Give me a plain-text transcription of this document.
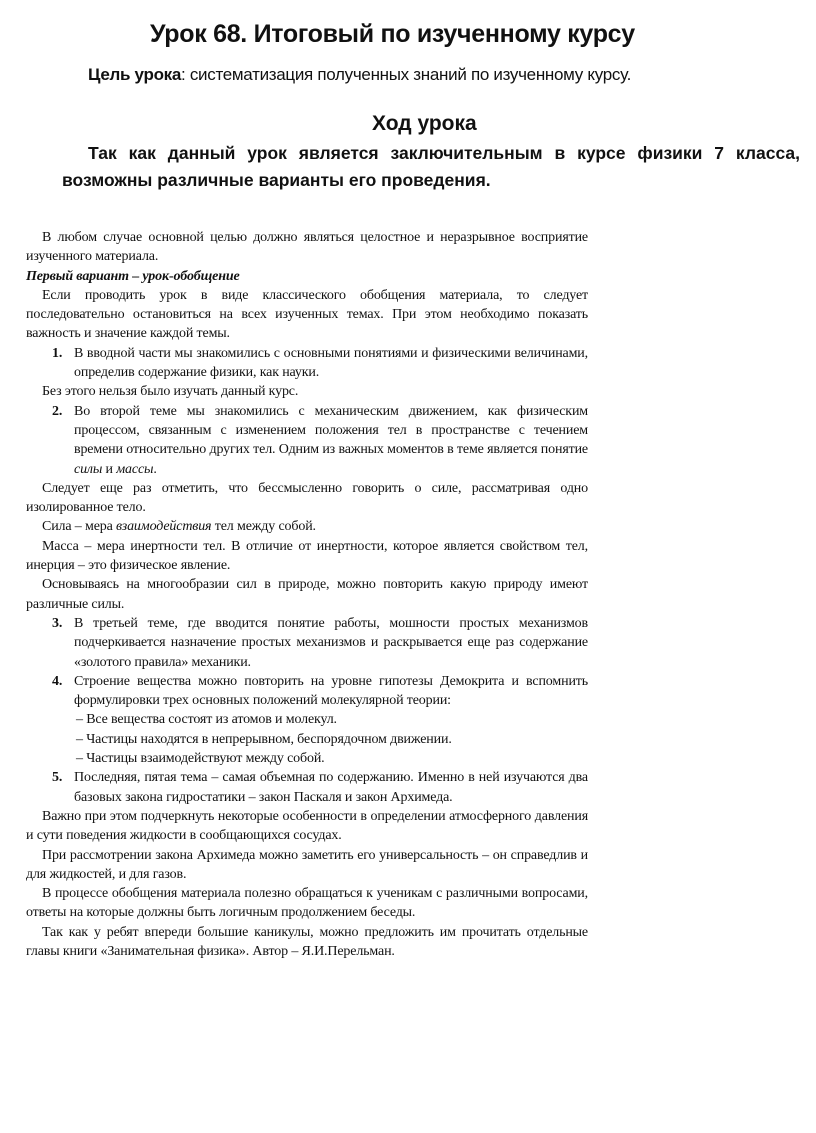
Урок 68. Итоговый по изученному курсу
Цель урока: систематизация полученных знаний по изученному курсу.
Ход урока
Так как данный урок является заключительным в курсе физики 7 класса, возможны различные варианты его проведения.

В любом случае основной целью должно являться целостное и неразрывное восприятие изученного материала.

Первый вариант – урок-обобщение

Если проводить урок в виде классического обобщения материала, то следует последовательно остановиться на всех изученных темах. При этом необходимо показать важность и значение каждой темы.

1. В вводной части мы знакомились с основными понятиями и физическими величинами, определив содержание физики, как науки.

Без этого нельзя было изучать данный курс.

2. Во второй теме мы знакомились с механическим движением, как физическим процессом, связанным с изменением положения тел в пространстве с течением времени относительно других тел. Одним из важных моментов в теме является понятие силы и массы.

Следует еще раз отметить, что бессмысленно говорить о силе, рассматривая одно изолированное тело.

Сила – мера взаимодействия тел между собой.

Масса – мера инертности тел. В отличие от инертности, которое является свойством тел, инерция – это физическое явление.

Основываясь на многообразии сил в природе, можно повторить какую природу имеют различные силы.

3. В третьей теме, где вводится понятие работы, мошности простых механизмов подчеркивается назначение простых механизмов и раскрывается еще раз содержание «золотого правила» механики.

4. Строение вещества можно повторить на уровне гипотезы Демокрита и вспомнить формулировки трех основных положений молекулярной теории:

– Все вещества состоят из атомов и молекул.

– Частицы находятся в непрерывном, беспорядочном движении.

– Частицы взаимодействуют между собой.

5. Последняя, пятая тема – самая объемная по содержанию. Именно в ней изучаются два базовых закона гидростатики – закон Паскаля и закон Архимеда.

Важно при этом подчеркнуть некоторые особенности в определении атмосферного давления и сути поведения жидкости в сообщающихся сосудах.

При рассмотрении закона Архимеда можно заметить его универсальность – он справедлив и для жидкостей, и для газов.

В процессе обобщения материала полезно обращаться к ученикам с различными вопросами, ответы на которые должны быть логичным продолжением беседы.

Так как у ребят впереди большие каникулы, можно предложить им прочитать отдельные главы книги «Занимательная физика». Автор – Я.И.Перельман.
